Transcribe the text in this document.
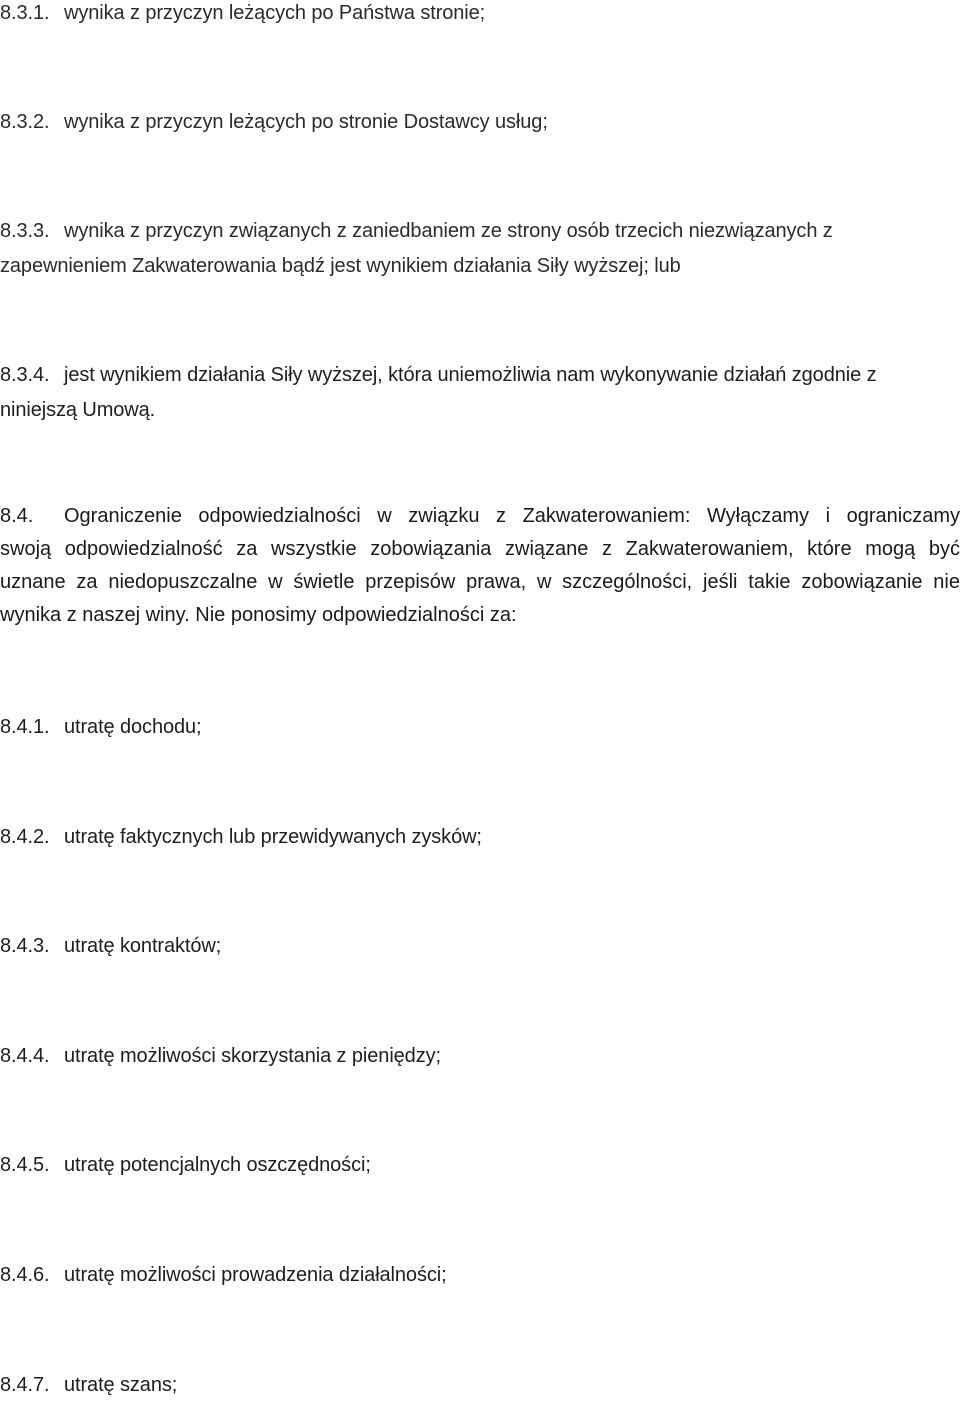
8.3.1. wynika z przyczyn leżących po Państwa stronie;

8.3.2. wynika z przyczyn leżących po stronie Dostawcy usług;

8.3.3. wynika z przyczyn związanych z zaniedbaniem ze strony osób trzecich niezwiązanych z

zapewnieniem Zakwaterowania bądź jest wynikiem działania Siły wyższej; lub

8.3.4. jest wynikiem działania Siły wyższej, która uniemożliwia nam wykonywanie działań zgodnie z

niniejszą Umową.

8.4. Ograniczenie odpowiedzialności w związku z Zakwaterowaniem: Wyłączamy i ograniczamy
swoją odpowiedzialność za wszystkie zobowiązania związane z Zakwaterowaniem, które mogą być
uznane za niedopuszczalne w świetle przepisów prawa, w szczególności, jeśli takie zobowiązanie nie
wynika z naszej winy. Nie ponosimy odpowiedzialności za:

8.4.1. utratę dochodu;

8.4.2. utratę faktycznych lub przewidywanych zysków;

8.4.3. utratę kontraktów;

8.4.4. utratę możliwości skorzystania z pieniędzy;

8.4.5. utratę potencjalnych oszczędności;

8.4.6. utratę możliwości prowadzenia działalności;

8.4.7. utratę szans;
